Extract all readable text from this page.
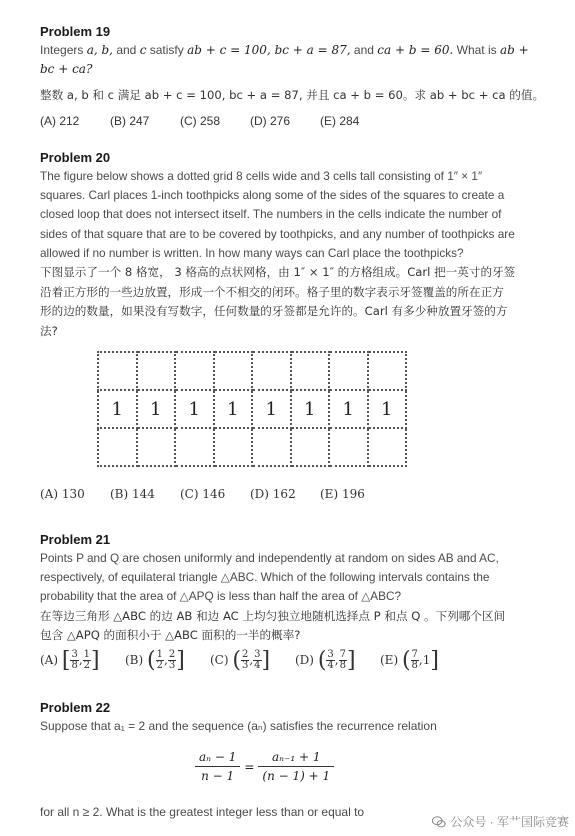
Problem 19

Integers a, b, and c satisfy ab + c = 100, bc + a = 87, and ca + b = 60. What is ab +
bc + ca?

整数 a, b 和 c 满足 ab + c = 100, bc + a = 87, 并且 ca + b = 60。求 ab + bc + ca 的值。

(A) 212	(B) 247	(C) 258	(D) 276	(E) 284

Problem 20

The figure below shows a dotted grid 8 cells wide and 3 cells tall consisting of 1″ × 1″

squares. Carl places 1-inch toothpicks along some of the sides of the squares to create a

closed loop that does not intersect itself. The numbers in the cells indicate the number of

sides of that square that are to be covered by toothpicks, and any number of toothpicks are

allowed if no number is written. In how many ways can Carl place the toothpicks?

下图显示了一个 8 格宽， 3 格高的点状网格，由 1″ × 1″ 的方格组成。Carl 把一英寸的牙签

沿着正方形的一些边放置，形成一个不相交的闭环。格子里的数字表示牙签覆盖的所在正方

形的边的数量，如果没有写数字，任何数量的牙签都是允许的。Carl 有多少种放置牙签的方

法?

1	1	1	1	1	1	1	1

(A) 130	(B) 144	(C) 146	(D) 162	(E) 196

Problem 21

Points P and Q are chosen uniformly and independently at random on sides AB and AC,

respectively, of equilateral triangle △ABC. Which of the following intervals contains the

probability that the area of △APQ is less than half the area of △ABC?

在等边三角形 △ABC 的边 AB 和边 AC 上均匀独立地随机选择点 P 和点 Q 。下列哪个区间

包含 △APQ 的面积小于 △ABC 面积的一半的概率?

(A) [ $\frac{3}{8}$ , $\frac{1}{2}$ ]	(B) ( $\frac{1}{2}$ , $\frac{2}{3}$ ]	(C) ( $\frac{2}{3}$ , $\frac{3}{4}$ ]	(D) ( $\frac{3}{4}$ , $\frac{7}{8}$ ]	(E) ( $\frac{7}{8} ,1$]

Problem 22

Suppose that a₁ = 2 and the sequence (aₙ) satisfies the recurrence relation

$\frac{\text{aₙ − 1}}{n - 1} = \frac{\text{aₙ₋₁ + 1}}{(n - 1) + 1}$

for all n ≥ 2. What is the greatest integer less than or equal to

公众号 · 军艹国际竞赛
